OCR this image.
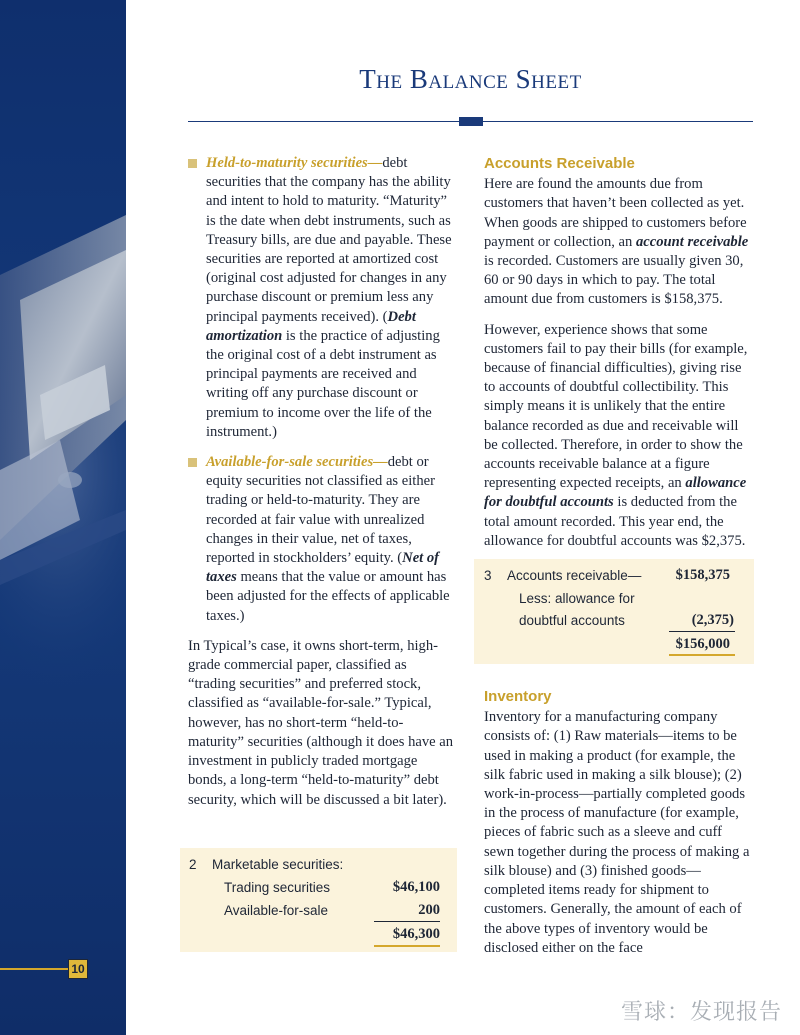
The Balance Sheet
Held-to-maturity securities—debt securities that the company has the ability and intent to hold to maturity. “Maturity” is the date when debt instruments, such as Treasury bills, are due and payable. These securities are reported at amortized cost (original cost adjusted for changes in any purchase discount or premium less any principal payments received). (Debt amortization is the practice of adjusting the original cost of a debt instrument as principal payments are received and writing off any purchase discount or premium to income over the life of the instrument.)
Available-for-sale securities—debt or equity securities not classified as either trading or held-to-maturity. They are recorded at fair value with unrealized changes in their value, net of taxes, reported in stockholders’ equity. (Net of taxes means that the value or amount has been adjusted for the effects of applicable taxes.)

In Typical’s case, it owns short-term, high-grade commercial paper, classified as “trading securities” and preferred stock, classified as “available-for-sale.” Typical, however, has no short-term “held-to-maturity” securities (although it does have an investment in publicly traded mortgage bonds, a long-term “held-to-maturity” debt security, which will be discussed a bit later).

2 Marketable securities:
Trading securities	$46,100
Available-for-sale	200
$46,300
Accounts Receivable

Here are found the amounts due from customers that haven’t been collected as yet. When goods are shipped to customers before payment or collection, an account receivable is recorded. Customers are usually given 30, 60 or 90 days in which to pay. The total amount due from customers is $158,375.

However, experience shows that some customers fail to pay their bills (for example, because of financial difficulties), giving rise to accounts of doubtful collectibility. This simply means it is unlikely that the entire balance recorded as due and receivable will be collected. Therefore, in order to show the accounts receivable balance at a figure representing expected receipts, an allowance for doubtful accounts is deducted from the total amount recorded. This year end, the allowance for doubtful accounts was $2,375.

Inventory

Inventory for a manufacturing company consists of: (1) Raw materials—items to be used in making a product (for example, the silk fabric used in making a silk blouse); (2) work-in-process—partially completed goods in the process of manufacture (for example, pieces of fabric such as a sleeve and cuff sewn together during the process of making a silk blouse) and (3) finished goods—completed items ready for shipment to customers. Generally, the amount of each of the above types of inventory would be disclosed either on the face

3 Accounts receivable— $158,375
Less: allowance for
doubtful accounts	(2,375)
$156,000
10
雪球：发现报告
